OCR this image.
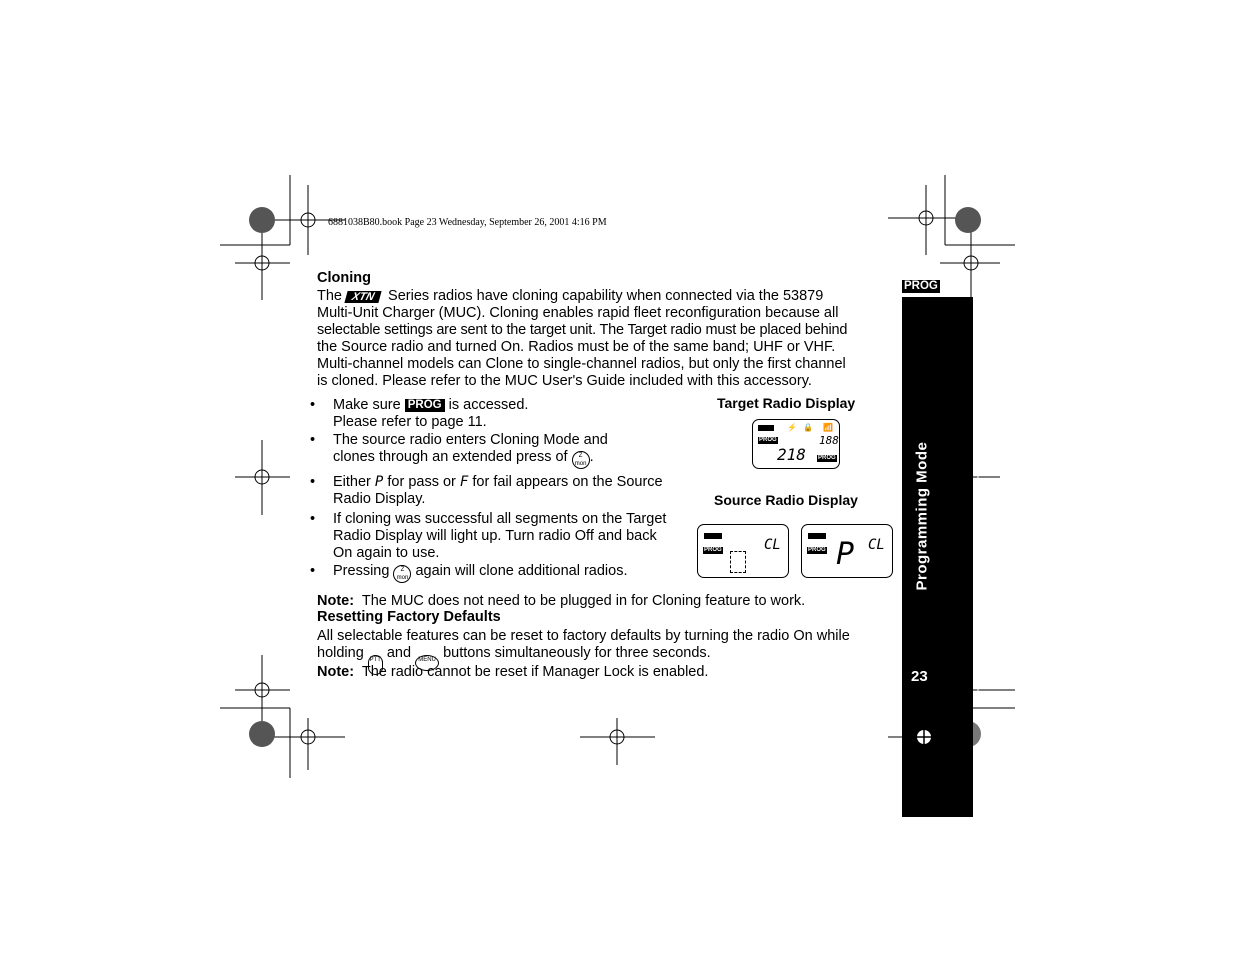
6881038B80.book Page 23 Wednesday, September 26, 2001 4:16 PM
Cloning
The XTN Series radios have cloning capability when connected via the 53879
Multi-Unit Charger (MUC). Cloning enables rapid fleet reconfiguration because all
selectable settings are sent to the target unit. The Target radio must be placed behind
the Source radio and turned On. Radios must be of the same band; UHF or VHF.
Multi-channel models can Clone to single-channel radios, but only the first channel
is cloned. Please refer to the MUC User's Guide included with this accessory.
• Make sure PROG is accessed.
Please refer to page 11.
• The source radio enters Cloning Mode and
clones through an extended press of Z
mon .
• Either P for pass or F for fail appears on the Source
Radio Display.
• If cloning was successful all segments on the Target
Radio Display will light up. Turn radio Off and back
On again to use.
• Pressing Z
mon again will clone additional radios.
Target Radio Display
PROG
PROG
⚡ 🔒 📶
188
218
Source Radio Display
PROG	CL	PROG P CL
Note: The MUC does not need to be plugged in for Cloning feature to work.
Resetting Factory Defaults
All selectable features can be reset to factory defaults by turning the radio On while
holding PTT and MENU buttons simultaneously for three seconds.
Note: The radio cannot be reset if Manager Lock is enabled.
PROG
Programming Mode
23
